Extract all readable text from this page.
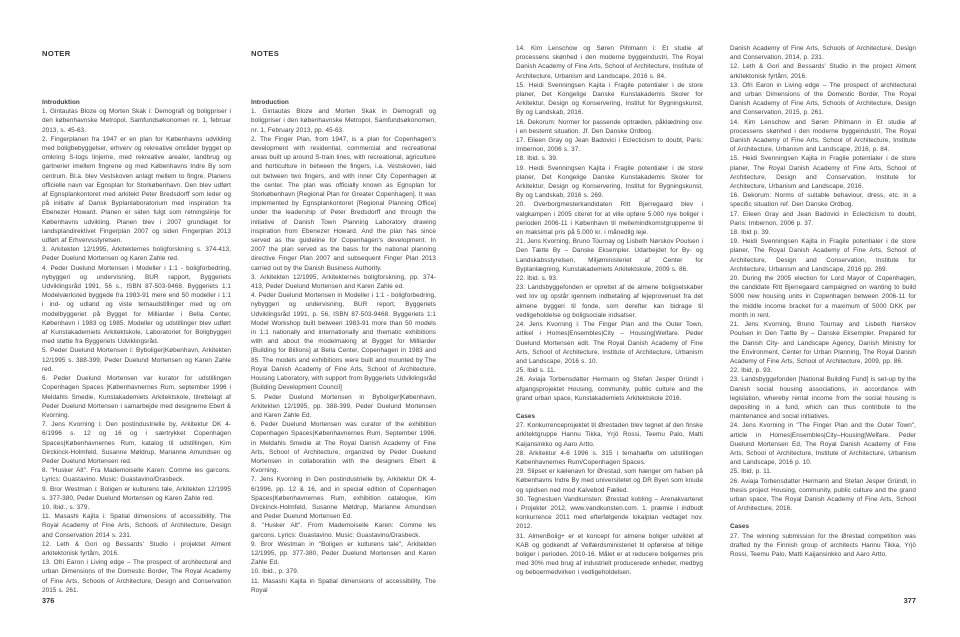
NOTER	NOTES

Introduktion

1. Gintautas Bloze og Morten Skak i: Demografi og boligpriser i den københavnske Metropol, Samfundsøkonomen nr. 1, februar 2013, s. 45-63.

2. Fingerplanen fra 1947 er en plan for Københavns udvikling med boligbebyggelser, erhverv og rekreative områder bygget op omkring S-togs linjerne, med rekreative arealer, landbrug og gartnerier imellem fingrene og med Københavns Indre By som centrum. Bl.a. blev Vestskoven anlagt mellem to fingre. Planens officielle navn var Egnsplan for Storkøbenhavn. Den blev udført af Egnsplankontoret med arkitekt Peter Bredsdorff som leder og på initiativ af Dansk Byplanlaboratorium med inspiration fra Ebenezer Howard. Planen er siden fulgt som retningslinje for Københavns udvikling. Planen blev i 2007 grundlaget for landsplandirektivet Fingerplan 2007 og siden Fingerplan 2013 udført af Erhvervsstyrelsen.

3. Arkitekten 12/1995, Arkitekternes boligforskning s. 374-413, Peder Duelund Mortensen og Karen Zahle red.

4. Peder Duelund Mortensen i Modeller i 1:1 - boligforbedring, nybyggeri og undervisning, BUR rapport, Byggeriets Udviklingsråd 1991, 56 s., ISBN 87-503-9468. Byggeriets 1:1 Modelværksted byggede fra 1983-91 mere end 50 modeller i 1:1 i ind- og udland og viste temaudstillinger med og om modelbyggeriet på Bygget for Milliarder i Bella Center, København i 1983 og 1985. Modeller og udstillinger blev udført af Kunstakademiets Arkitektskole, Laboratoriet for Boligbyggeri med støtte fra Byggeriets Udviklingsråd.

5. Peder Duelund Mortensen i: Byboliger|København, Arkitekten 12/1995 s. 388-399, Peder Duelund Mortensen og Karen Zahle red.

6. Peder Duelund Mortensen var kurator for udstillingen Copenhagen Spaces |Københavnernes Rum, september 1996 i Meldahls Smedie, Kunstakademiets Arkitektskole, tilrettelagt af Peder Duelund Mortensen i samarbejde med designerne Ebert & Kvorning.

7. Jens Kvorning i: Den postindustrielle by, Arkitektur DK 4-6/1996 s. 12 og 16 og i særtrykket Copenhagen Spaces|Københavnernes Rum, katalog til udstillingen, Kim Dirckinck-Holmfeld, Susanne Møldrup, Marianne Amundsen og Peder Duelund Mortensen red.

8. "Husker Alt". Fra Mademoiselle Karen: Comme les garcons. Lyrics: Guastavino. Music: Guastavino/Drasbeck.

9. Bror Westman i: Boligen er kulturens tale, Arkitekten 12/1995 s. 377-380, Peder Duelund Mortensen og Karen Zahle red.

10. Ibid., s. 379.

11. Masashi Kajita i: Spatial dimensions of accessibility, The Royal Academy of Fine Arts, Schools of Architecture, Design and Conservation 2014 s. 231.

12. Leth & Gori og Bessards' Studio i projektet Alment arkitektonisk fyrtårn, 2016.

13. Ofri Earon i Living edge – The prospect of architectural and urban Dimensions of the Domestic Border, The Royal Academy of Fine Arts, Schools of Architecture, Design and Conservation 2015 s. 261.

Introduction

1. Gintautas Bloze and Morten Skak in Demografi og boligpriser i den københavnske Metropol, Samfundsøkonomen, nr. 1, February 2013, pp. 45-63.

2. The Finger Plan, from 1947, is a plan for Copenhagen's development with residential, commercial and recreational areas built up around S-train lines, with recreational, agriculture and horticulture in between the fingers, i.a. Vestskoven, laid out between two fingers, and with inner City Copenhagen at the center. The plan was officially known as Egnsplan for Storkøbenhavn [Regional Plan for Greater Copenhagen]. It was implemented by Egnsplankontoret [Regional Planning Office] under the leadership of Peter Bredsdorff and through the initiative of Danish Town Planning Laboratory drawing inspiration from Ebenezer Howard. And the plan has since served as the guideline for Copenhagen's development. In 2007 the plan served as the basis for the national planning directive Finger Plan 2007 and subsequent Finger Plan 2013 carried out by the Danish Business Authority.

3. Arkitekten 12/1995, Arkitekternes boligforskning, pp. 374-413, Peder Duelund Mortensen and Karen Zahle ed.

4. Peder Duelund Mortensen in Modeller i 1:1 - boligforbedring, nybyggeri og undervisning, BUR report, Byggeriets Udviklingsråd 1991, p. 56, ISBN 87-503-9468. Byggeriets 1:1 Model Workshop built between 1983-91 more than 50 models in 1:1 nationally and internationally and thematic exhibitions with and about the modelmaking at Bygget for Milliarder [Building for Billions] at Bella Center, Copenhagen in 1983 and 85. The models and exhibitions were built and mounted by The Royal Danish Academy of Fine Arts, School of Architecture, Housing Laboratory, with support from Byggeriets Udviklingsråd [Building Development Council]

5. Peder Duelund Mortensen in Byboliger|København, Arkitekten 12/1995, pp. 388-399, Peder Duelund Mortensen and Karen Zahle Ed.

6. Peder Duelund Mortensen was curator of the exhibition Copenhagen Spaces|Københavnernes Rum, September 1996, in Meldahls Smedie at The Royal Danish Academy of Fine Arts, School of Architecture, organized by Peder Duelund Mortensen in collaboration with the designers Ebert & Kvorning.

7. Jens Kvorning in Den postindustrielle by, Arkitektur DK 4-6/1996, pp. 12 & 16, and in special edition of Copenhagen Spaces|Københavnernes Rum, exhibition catalogue, Kim Dirckinck-Holmfeld, Susanne Møldrup, Marianne Amundsen and Peder Duelund Mortensen Ed.

8. "Husker Alt". From Mademoiselle Karen: Comme les garcons. Lyrics: Guastavino. Music: Guastavino/Drasbeck.

9. Bror Westman in "Boligen er kulturens tale", Arkitekten 12/1995, pp. 377-380, Peder Duelund Mortensen and Karen Zahle Ed.

10. Ibid., p. 379.

11. Masashi Kajita in Spatial dimensions of accessibility, The Royal

14. Kim Lenschow og Søren Pihlmann i: Et studie af processens skønhed i den moderne byggeindustri, The Royal Danish Academy of Fine Arts, School of Architecture, Institute of Architecture, Urbanism and Landscape, 2016 s. 84.

15. Heidi Svenningsen Kajita i Fragile potentialer i de store planer, Det Kongelige Danske Kunstakademis Skoler for Arkitektur, Design og Konservering, Institut for Bygningskunst, By og Landskab, 2016.

16. Dekorum: Normer for passende optræden, påklædning osv. i en bestemt situation. Jf. Den Danske Ordbog.

17. Eileen Gray og Jean Badovici i Eclecticism to doubt, Paris: Imbernon, 2006 s. 37.

18. Ibid. s. 39.

19. Heidi Svenningsen Kajita i Fragile potentialer i de store planer, Det Kongelige Danske Kunstakademis Skoler for Arkitektur, Design og Konservering, Institut for Bygningskunst, By og Landskab, 2016 s. 269.

20. Overborgmesterkandidaten Ritt Bjerregaard blev i valgkampen i 2005 citeret for at ville opføre 5.000 nye boliger i perioden 2006-11 i København til mellemindkomstgrupperne til en maksimal pris på 5.000 kr. i månedlig leje.

21. Jens Kvorning, Bruno Tournay og Lisbeth Nørskov Poulsen i Den Tætte By – Danske Eksempler. Udarbejdet for By- og Landskabsstyrelsen, Miljøministeriet af Center for Byplanlægning, Kunstakademiets Arkitektskole, 2009 s. 86.

22. Ibid. s. 93.

23. Landsbyggefonden er oprettet af de almene boligselskaber ved lov og opstår igennem indbetaling af lejeprovenuet fra det almene byggeri til fonde, som derefter kan bidrage til vedligeholdelse og boligsociale indsatser.

24. Jens Kvorning i: The Finger Plan and the Outer Town, artikel i Homes|Ensembles|City – Housing|Welfare. Peder Duelund Mortensen edit. The Royal Danish Academy of Fine Arts, School of Architecture, Institute of Architecture, Urbanism and Landscape, 2016 s. 10.

25. Ibid s. 11.

26. Aviaja Torbensdatter Hermann og Stefan Jesper Gründl i afgangsprojektet Housing, community, public culture and the grand urban space, Kunstakademiets Arkitektskole 2016.

Cases

27. Konkurrenceprojektet til Ørestaden blev tegnet af den finske arkitektgruppe Hannu Tikka, Yrjö Rossi, Teemu Palo, Matti Kaijansinkko og Aaro Artto.

28. Arkitektur 4-6 1996 s. 315 i temahæfte om udstillingen Københavnernes Rum/Copenhagen Spaces.

29. Slipset er kælenavn for Ørestad, som hænger om halsen på Københavns Indre By med universitetet og DR Byen som knude og spidsen ned mod Kalvebod Fælled.

30. Tegnestuen Vandkunsten: Ørestad kobling – Arenakvarteret i Projekter 2012, www.vandkunsten.com. 1. præmie i indbudt konkurrence 2011 med efterfølgende lokalplan vedtaget nov. 2012.

31. AlmenBolig+ er et koncept for almene boliger udviklet af KAB og godkendt af Velfærdsministeriet til opførelse af billige boliger i perioden. 2010-16. Målet er at reducere boligernes pris med 30% med brug af industrielt producerede enheder, medbyg og beboermedvirken i vedligeholdelsen.

Danish Academy of Fine Arts, Schools of Architecture, Design and Conservation, 2014, p. 231.

12. Leth & Gori and Bessards' Studio in the project Alment arkitektonisk fyrtårn, 2016.

13. Ofri Earon in Living edge – The prospect of architectural and urban Dimensions of the Domestic Border, The Royal Danish Academy of Fine Arts, Schools of Architecture, Design and Conservation, 2015, p. 261.

14. Kim Lenschow and Søren Pihlmann in Et studie af processens skønhed i den moderne byggeindustri, The Royal Danish Academy of Fine Arts, School of Architecture, Institute of Architecture, Urbanism and Landscape, 2016, p. 84.

15. Heidi Svenningsen Kajita in Fragile potentialer i de store planer, The Royal Danish Academy of Fine Arts, School of Architecture, Design and Conservation, Institute for Architecture, Urbanism and Landscape, 2016.

16. Dekorum: Norms of suitable behaviour, dress, etc. in a specific situation ref. Den Danske Ordbog.

17. Eileen Gray and Jean Badovici in Eclecticism to doubt, Paris: Imbernon, 2006 p. 37.

18. Ibid p. 39.

19. Heidi Svenningsen Kajita in Fragile potentialer i de store planer, The Royal Danish Academy of Fine Arts, School of Architecture, Design and Conservation, Institute for Architecture, Urbanism and Landscape, 2016 pp. 269.

20. During the 2005 election for Lord Mayor of Copenhagen, the candidate Ritt Bjerregaard campaigned on wanting to build 5000 new housing units in Copenhagen between 2006-11 for the middle income bracket for a maximum of 5000 DKK per month in rent.

21. Jens Kvorning, Bruno Tournay and Lisbeth Nørskov Poulsen in Den Tætte By – Danske Eksempler. Prepared for the Danish City- and Landscape Agency, Danish Ministry for the Environment, Center for Urban Planning, The Royal Danish Academy of Fine Arts, School of Architecture, 2009, pp. 86.

22. Ibid, p. 93.

23. Landsbyggefonden [National Building Fund] is set-up by the Danish social housing associations, in accordance with legislation, whereby rental income from the social housing is depositing in a fund, which can thus contribute to the maintenance and social initiatives.

24. Jens Kvorning in "The Finger Plan and the Outer Town", article in Homes|Ensembles|City–Housing|Welfare. Peder Duelund Mortensen Ed, The Royal Danish Academy of Fine Arts, School of Architecture, Institute of Architecture, Urbanism and Landscape, 2016 p. 10.

25. Ibid, p. 11.

26. Aviaja Torbensdatter Hermann and Stefan Jesper Gründl, in thesis project Housing, community, public culture and the grand urban space, The Royal Danish Academy of Fine Arts, School of Architecture, 2016.

Cases

27. The winning submission for the Ørestad competition was drafted by the Finnish group of architects Hannu Tikka, Yrjö Rossi, Teemu Palo, Matti Kaijansinkko and Aaro Artto.

376	377
